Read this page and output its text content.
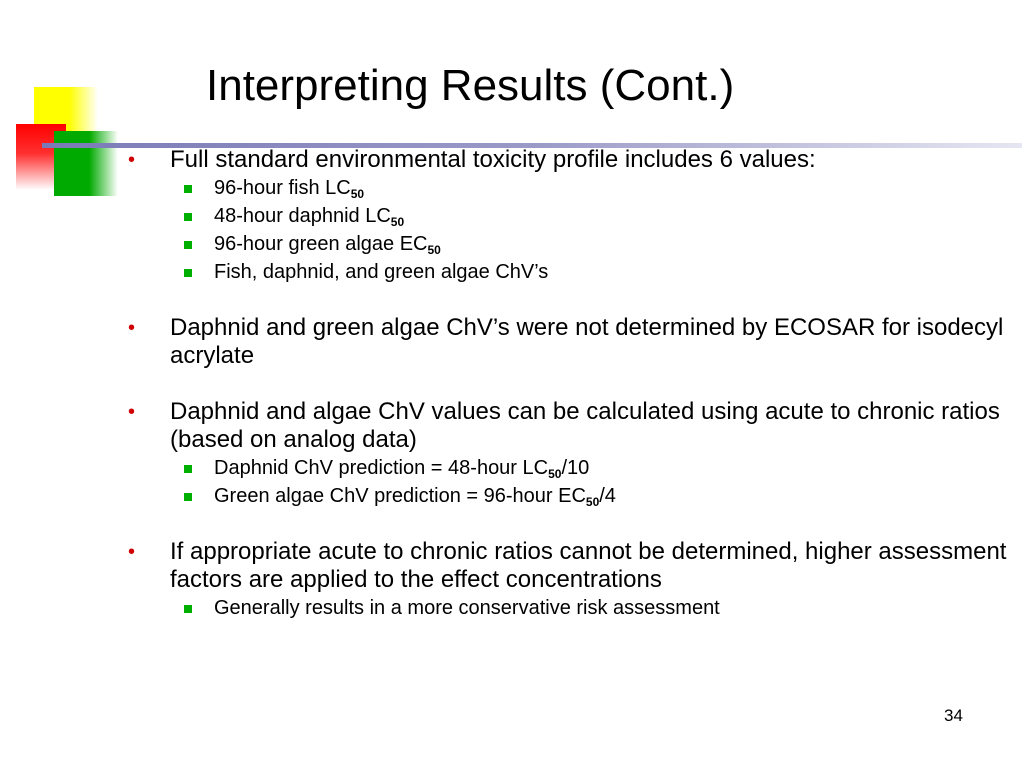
Interpreting Results (Cont.)
•	Full standard environmental toxicity profile includes 6 values:
96-hour fish $LC_{50}$
48-hour daphnid $LC_{50}$
96-hour green algae $EC_{50}$
Fish, daphnid, and green algae ChV’s
•	Daphnid and green algae ChV’s were not determined by ECOSAR for isodecyl acrylate
•	Daphnid and algae ChV values can be calculated using acute to chronic ratios (based on analog data)
Daphnid ChV prediction = 48-hour $LC_{50}/10$
Green algae ChV prediction = 96-hour $EC_{50}/4$
•	If appropriate acute to chronic ratios cannot be determined, higher assessment factors are applied to the effect concentrations
Generally results in a more conservative risk assessment
34
